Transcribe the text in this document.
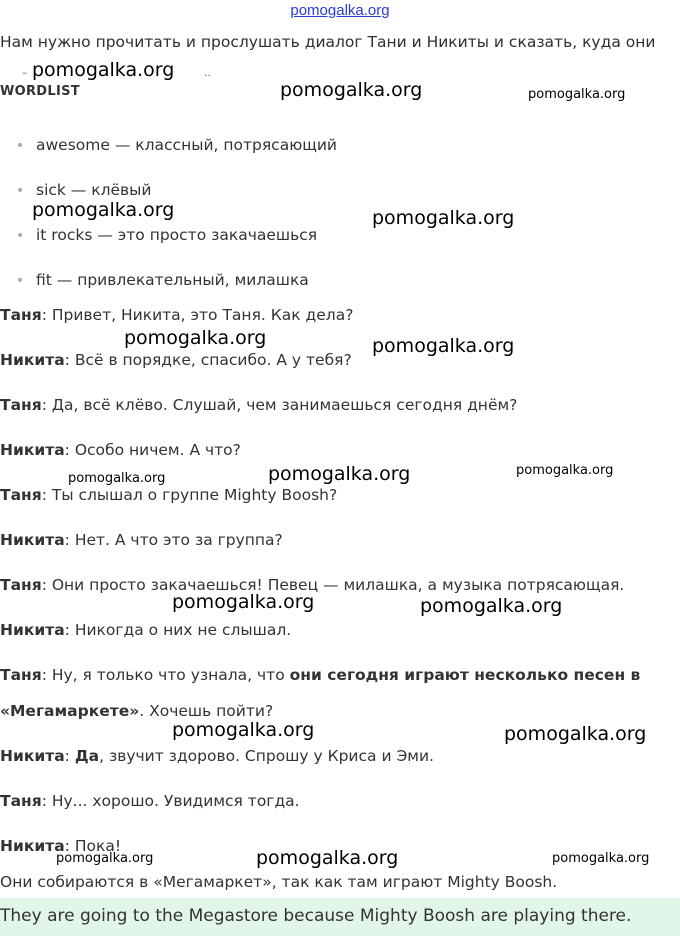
pomogalka.org
Нам нужно прочитать и прослушать диалог Тани и Никиты и сказать, куда они
WORDLIST
• awesome — классный, потрясающий
• sick — клёвый
• it rocks — это просто закачаешься
• fit — привлекательный, милашка
Таня: Привет, Никита, это Таня. Как дела?
Никита: Всё в порядке, спасибо. А у тебя?
Таня: Да, всё клёво. Слушай, чем занимаешься сегодня днём?
Никита: Особо ничем. А что?
Таня: Ты слышал о группе Mighty Boosh?
Никита: Нет. А что это за группа?
Таня: Они просто закачаешься! Певец — милашка, а музыка потрясающая.
Никита: Никогда о них не слышал.
Таня: Ну, я только что узнала, что они сегодня играют несколько песен в
«Мегамаркете». Хочешь пойти?
Никита: Да, звучит здорово. Спрошу у Криса и Эми.
Таня: Ну... хорошо. Увидимся тогда.
Никита: Пока!
Они собираются в «Мегамаркет», так как там играют Mighty Boosh.
They are going to the Megastore because Mighty Boosh are playing there.
–	..
pomogalka.org
pomogalka.org	pomogalka.org
pomogalka.org	pomogalka.org
pomogalka.org	pomogalka.org
pomogalka.org	pomogalka.org	pomogalka.org
pomogalka.org	pomogalka.org
pomogalka.org	pomogalka.org
pomogalka.org	pomogalka.org	pomogalka.org
